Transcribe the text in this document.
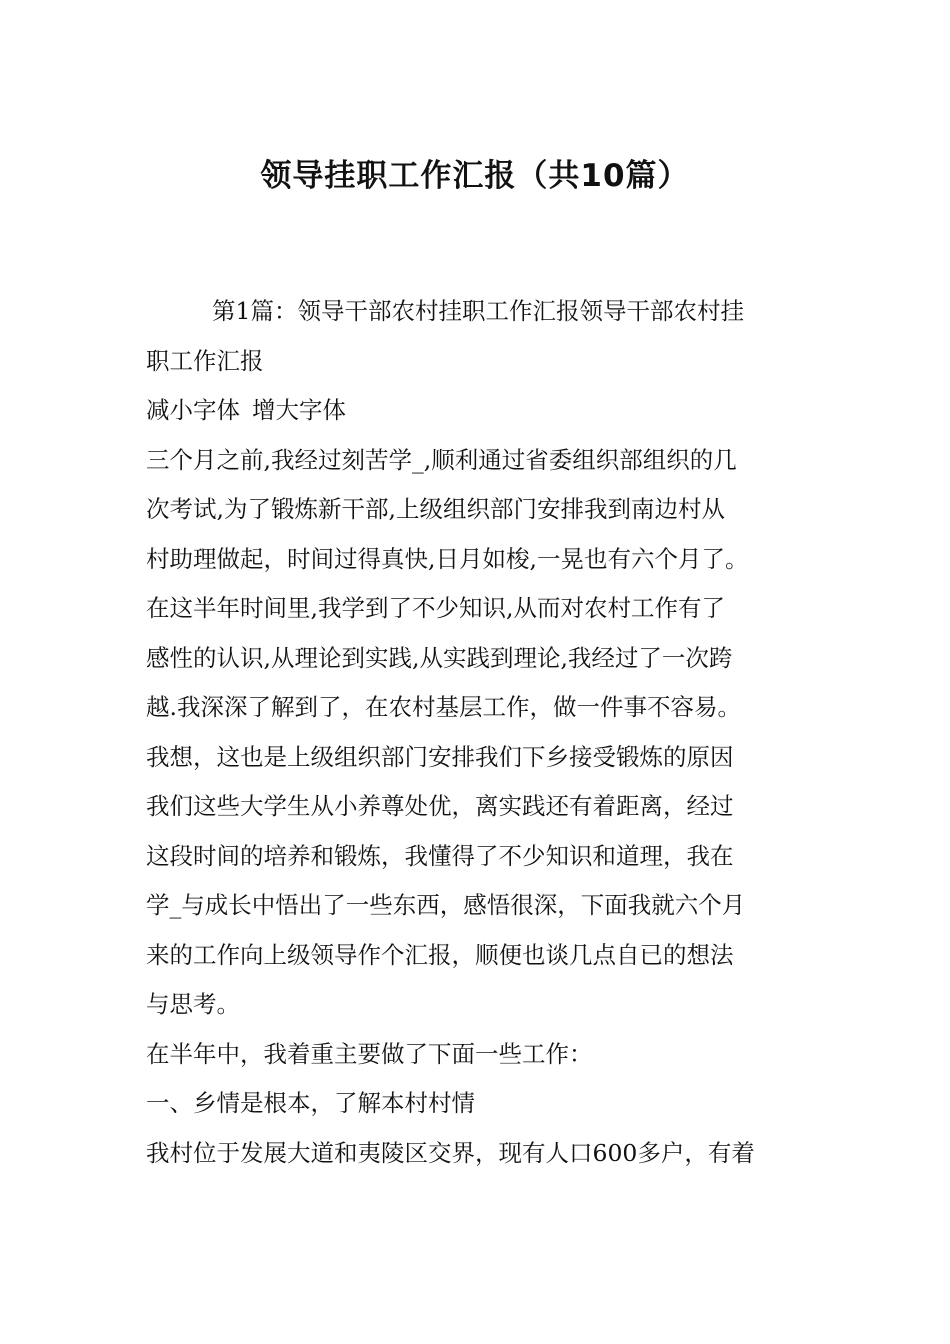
领导挂职工作汇报（共10篇）

第1篇：领导干部农村挂职工作汇报领导干部农村挂
职工作汇报

减小字体 增大字体

三个月之前,我经过刻苦学_,顺利通过省委组织部组织的几
次考试,为了锻炼新干部,上级组织部门安排我到南边村从
村助理做起，时间过得真快,日月如梭,一晃也有六个月了。
在这半年时间里,我学到了不少知识,从而对农村工作有了
感性的认识,从理论到实践,从实践到理论,我经过了一次跨
越.我深深了解到了，在农村基层工作，做一件事不容易。
我想，这也是上级组织部门安排我们下乡接受锻炼的原因
我们这些大学生从小养尊处优，离实践还有着距离，经过
这段时间的培养和锻炼，我懂得了不少知识和道理，我在
学_与成长中悟出了一些东西，感悟很深，下面我就六个月
来的工作向上级领导作个汇报，顺便也谈几点自已的想法
与思考。

在半年中，我着重主要做了下面一些工作：

一、乡情是根本，了解本村村情

我村位于发展大道和夷陵区交界，现有人口600多户，有着
